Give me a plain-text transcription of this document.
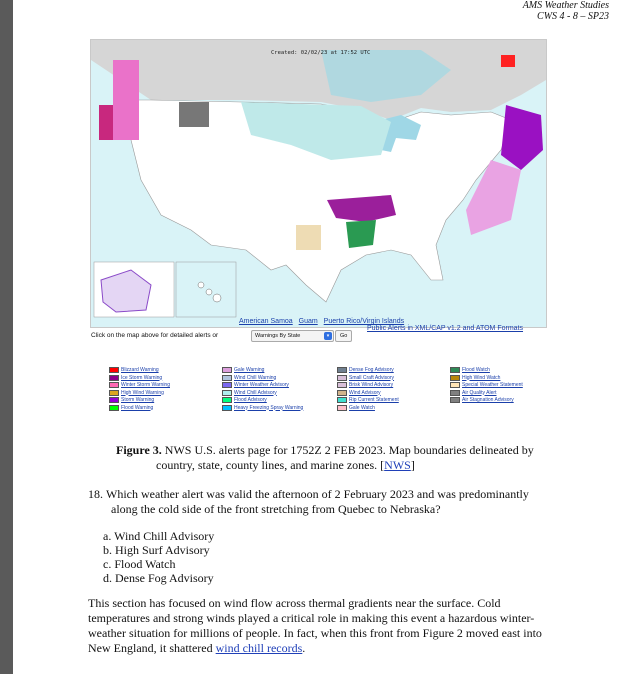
AMS Weather Studies
CWS 4 - 8 – SP23
Created: 02/02/23 at 17:52 UTC
American Samoa Guam Puerto Rico/Virgin Islands
Click on the map above for detailed alerts or	Warnings By State	▾	Go
Public Alerts in XML/CAP v1.2 and ATOM Formats
Blizzard Warning
Ice Storm Warning
Winter Storm Warning
High Wind Warning
Storm Warning
Flood Warning
Gale Warning
Wind Chill Warning
Winter Weather Advisory
Wind Chill Advisory
Flood Advisory
Heavy Freezing Spray Warning
Dense Fog Advisory
Small Craft Advisory
Brisk Wind Advisory
Wind Advisory
Rip Current Statement
Gale Watch
Flood Watch
High Wind Watch
Special Weather Statement
Air Quality Alert
Air Stagnation Advisory
Figure 3. NWS U.S. alerts page for 1752Z 2 FEB 2023. Map boundaries delineated by
country, state, county lines, and marine zones. [NWS]
18. Which weather alert was valid the afternoon of 2 February 2023 and was predominantly along the cold side of the front stretching from Quebec to Nebraska?
a. Wind Chill Advisory
b. High Surf Advisory
c. Flood Watch
d. Dense Fog Advisory
This section has focused on wind flow across thermal gradients near the surface. Cold temperatures and strong winds played a critical role in making this event a hazardous winter-weather situation for millions of people. In fact, when this front from Figure 2 moved east into New England, it shattered wind chill records.
